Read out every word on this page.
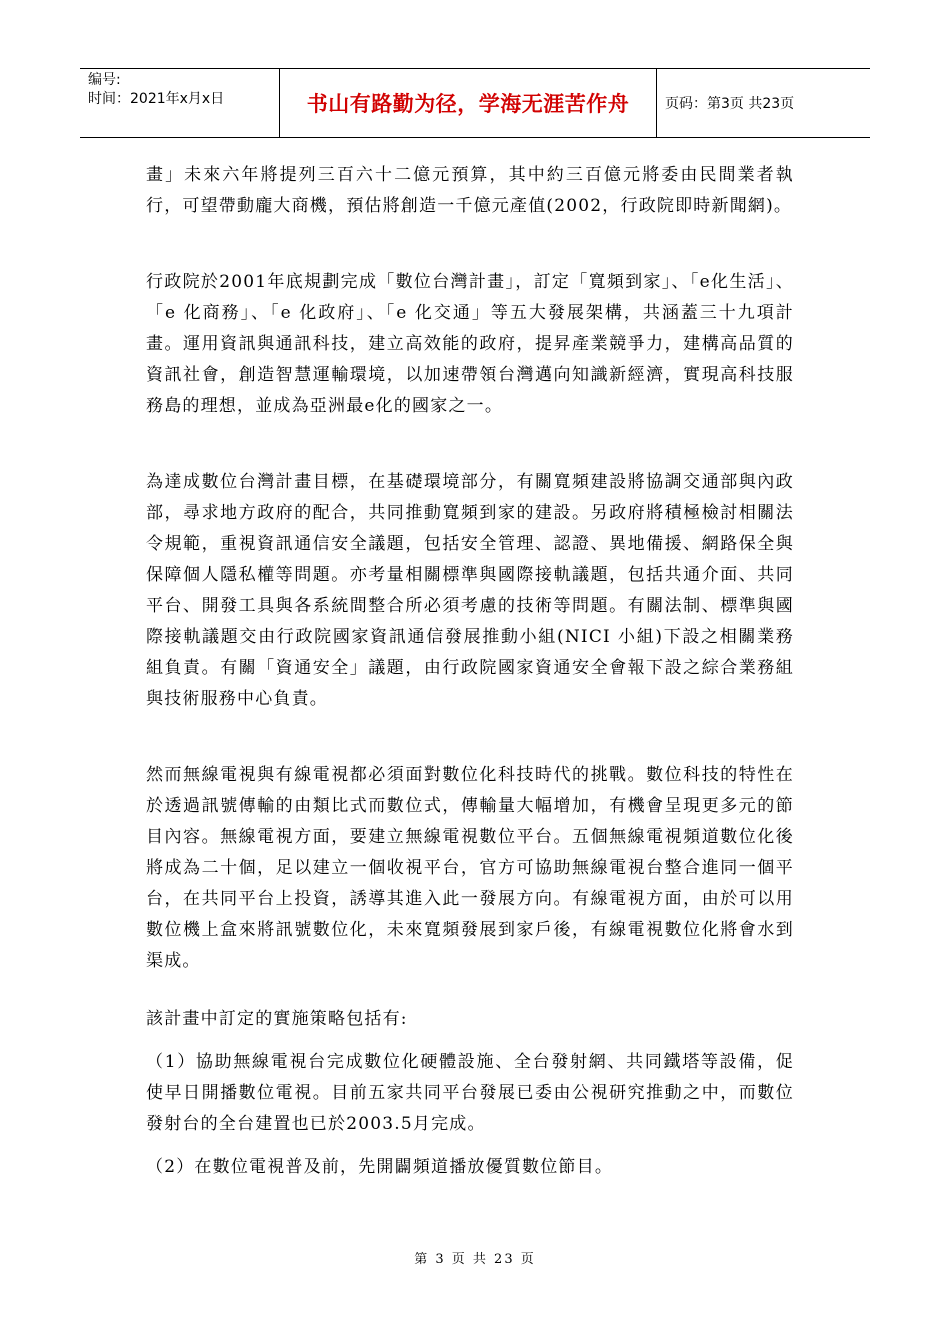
编号:
时间：2021年x月x日	书山有路勤为径，学海无涯苦作舟	页码：第3页 共23页

畫」未來六年將提列三百六十二億元預算，其中約三百億元將委由民間業者執行，可望帶動龐大商機，預估將創造一千億元產值(2002，行政院即時新聞網)。

行政院於2001年底規劃完成「數位台灣計畫」，訂定「寬頻到家」、「e化生活」、「e 化商務」、「e 化政府」、「e 化交通」等五大發展架構，共涵蓋三十九項計畫。運用資訊與通訊科技，建立高效能的政府，提昇產業競爭力，建構高品質的資訊社會，創造智慧運輸環境，以加速帶領台灣邁向知識新經濟，實現高科技服務島的理想，並成為亞洲最e化的國家之一。

為達成數位台灣計畫目標，在基礎環境部分，有關寬頻建設將協調交通部與內政部，尋求地方政府的配合，共同推動寬頻到家的建設。另政府將積極檢討相關法令規範，重視資訊通信安全議題，包括安全管理、認證、異地備援、網路保全與保障個人隱私權等問題。亦考量相關標準與國際接軌議題，包括共通介面、共同平台、開發工具與各系統間整合所必須考慮的技術等問題。有關法制、標準與國際接軌議題交由行政院國家資訊通信發展推動小組(NICI 小組)下設之相關業務組負責。有關「資通安全」議題，由行政院國家資通安全會報下設之綜合業務組與技術服務中心負責。

然而無線電視與有線電視都必須面對數位化科技時代的挑戰。數位科技的特性在於透過訊號傳輸的由類比式而數位式，傳輸量大幅增加，有機會呈現更多元的節目內容。無線電視方面，要建立無線電視數位平台。五個無線電視頻道數位化後將成為二十個，足以建立一個收視平台，官方可協助無線電視台整合進同一個平台，在共同平台上投資，誘導其進入此一發展方向。有線電視方面，由於可以用數位機上盒來將訊號數位化，未來寬頻發展到家戶後，有線電視數位化將會水到渠成。

該計畫中訂定的實施策略包括有:

（1）協助無線電視台完成數位化硬體設施、全台發射網、共同鐵塔等設備，促使早日開播數位電視。目前五家共同平台發展已委由公視研究推動之中，而數位發射台的全台建置也已於2003.5月完成。

（2）在數位電視普及前，先開闢頻道播放優質數位節目。

第 3 页 共 23 页
